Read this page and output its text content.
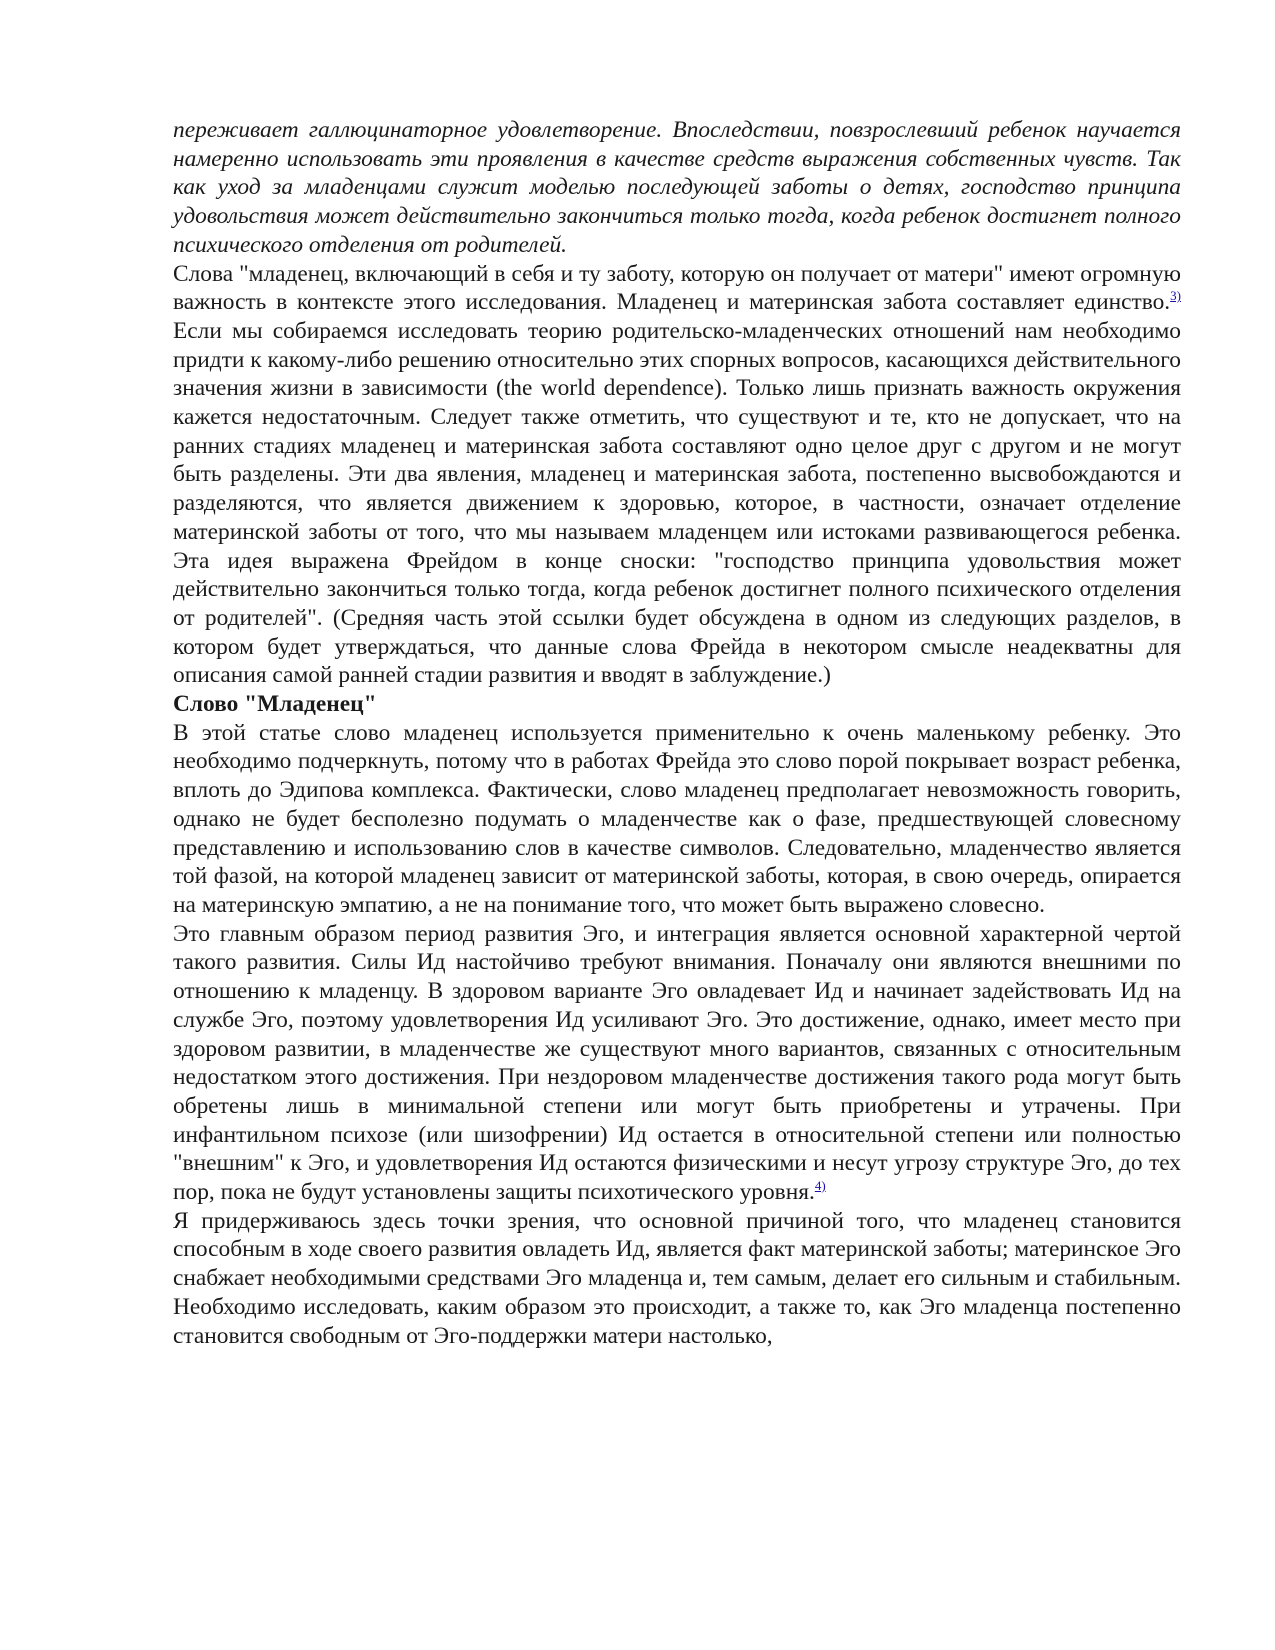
переживает галлюцинаторное удовлетворение. Впоследствии, повзрослевший ребенок научается намеренно использовать эти проявления в качестве средств выражения собственных чувств. Так как уход за младенцами служит моделью последующей заботы о детях, господство принципа удовольствия может действительно закончиться только тогда, когда ребенок достигнет полного психического отделения от родителей.

Слова "младенец, включающий в себя и ту заботу, которую он получает от матери" имеют огромную важность в контексте этого исследования. Младенец и материнская забота составляет единство.$^{3)}$ Если мы собираемся исследовать теорию родительско-младенческих отношений нам необходимо придти к какому-либо решению относительно этих спорных вопросов, касающихся действительного значения жизни в зависимости (the world dependence). Только лишь признать важность окружения кажется недостаточным. Следует также отметить, что существуют и те, кто не допускает, что на ранних стадиях младенец и материнская забота составляют одно целое друг с другом и не могут быть разделены. Эти два явления, младенец и материнская забота, постепенно высвобождаются и разделяются, что является движением к здоровью, которое, в частности, означает отделение материнской заботы от того, что мы называем младенцем или истоками развивающегося ребенка. Эта идея выражена Фрейдом в конце сноски: "господство принципа удовольствия может действительно закончиться только тогда, когда ребенок достигнет полного психического отделения от родителей". (Средняя часть этой ссылки будет обсуждена в одном из следующих разделов, в котором будет утверждаться, что данные слова Фрейда в некотором смысле неадекватны для описания самой ранней стадии развития и вводят в заблуждение.)

Слово "Младенец"

В этой статье слово младенец используется применительно к очень маленькому ребенку. Это необходимо подчеркнуть, потому что в работах Фрейда это слово порой покрывает возраст ребенка, вплоть до Эдипова комплекса. Фактически, слово младенец предполагает невозможность говорить, однако не будет бесполезно подумать о младенчестве как о фазе, предшествующей словесному представлению и использованию слов в качестве символов. Следовательно, младенчество является той фазой, на которой младенец зависит от материнской заботы, которая, в свою очередь, опирается на материнскую эмпатию, а не на понимание того, что может быть выражено словесно.

Это главным образом период развития Эго, и интеграция является основной характерной чертой такого развития. Силы Ид настойчиво требуют внимания. Поначалу они являются внешними по отношению к младенцу. В здоровом варианте Эго овладевает Ид и начинает задействовать Ид на службе Эго, поэтому удовлетворения Ид усиливают Эго. Это достижение, однако, имеет место при здоровом развитии, в младенчестве же существуют много вариантов, связанных с относительным недостатком этого достижения. При нездоровом младенчестве достижения такого рода могут быть обретены лишь в минимальной степени или могут быть приобретены и утрачены. При инфантильном психозе (или шизофрении) Ид остается в относительной степени или полностью "внешним" к Эго, и удовлетворения Ид остаются физическими и несут угрозу структуре Эго, до тех пор, пока не будут установлены защиты психотического уровня.$^{4)}$

Я придерживаюсь здесь точки зрения, что основной причиной того, что младенец становится способным в ходе своего развития овладеть Ид, является факт материнской заботы; материнское Эго снабжает необходимыми средствами Эго младенца и, тем самым, делает его сильным и стабильным. Необходимо исследовать, каким образом это происходит, а также то, как Эго младенца постепенно становится свободным от Эго-поддержки матери настолько,
